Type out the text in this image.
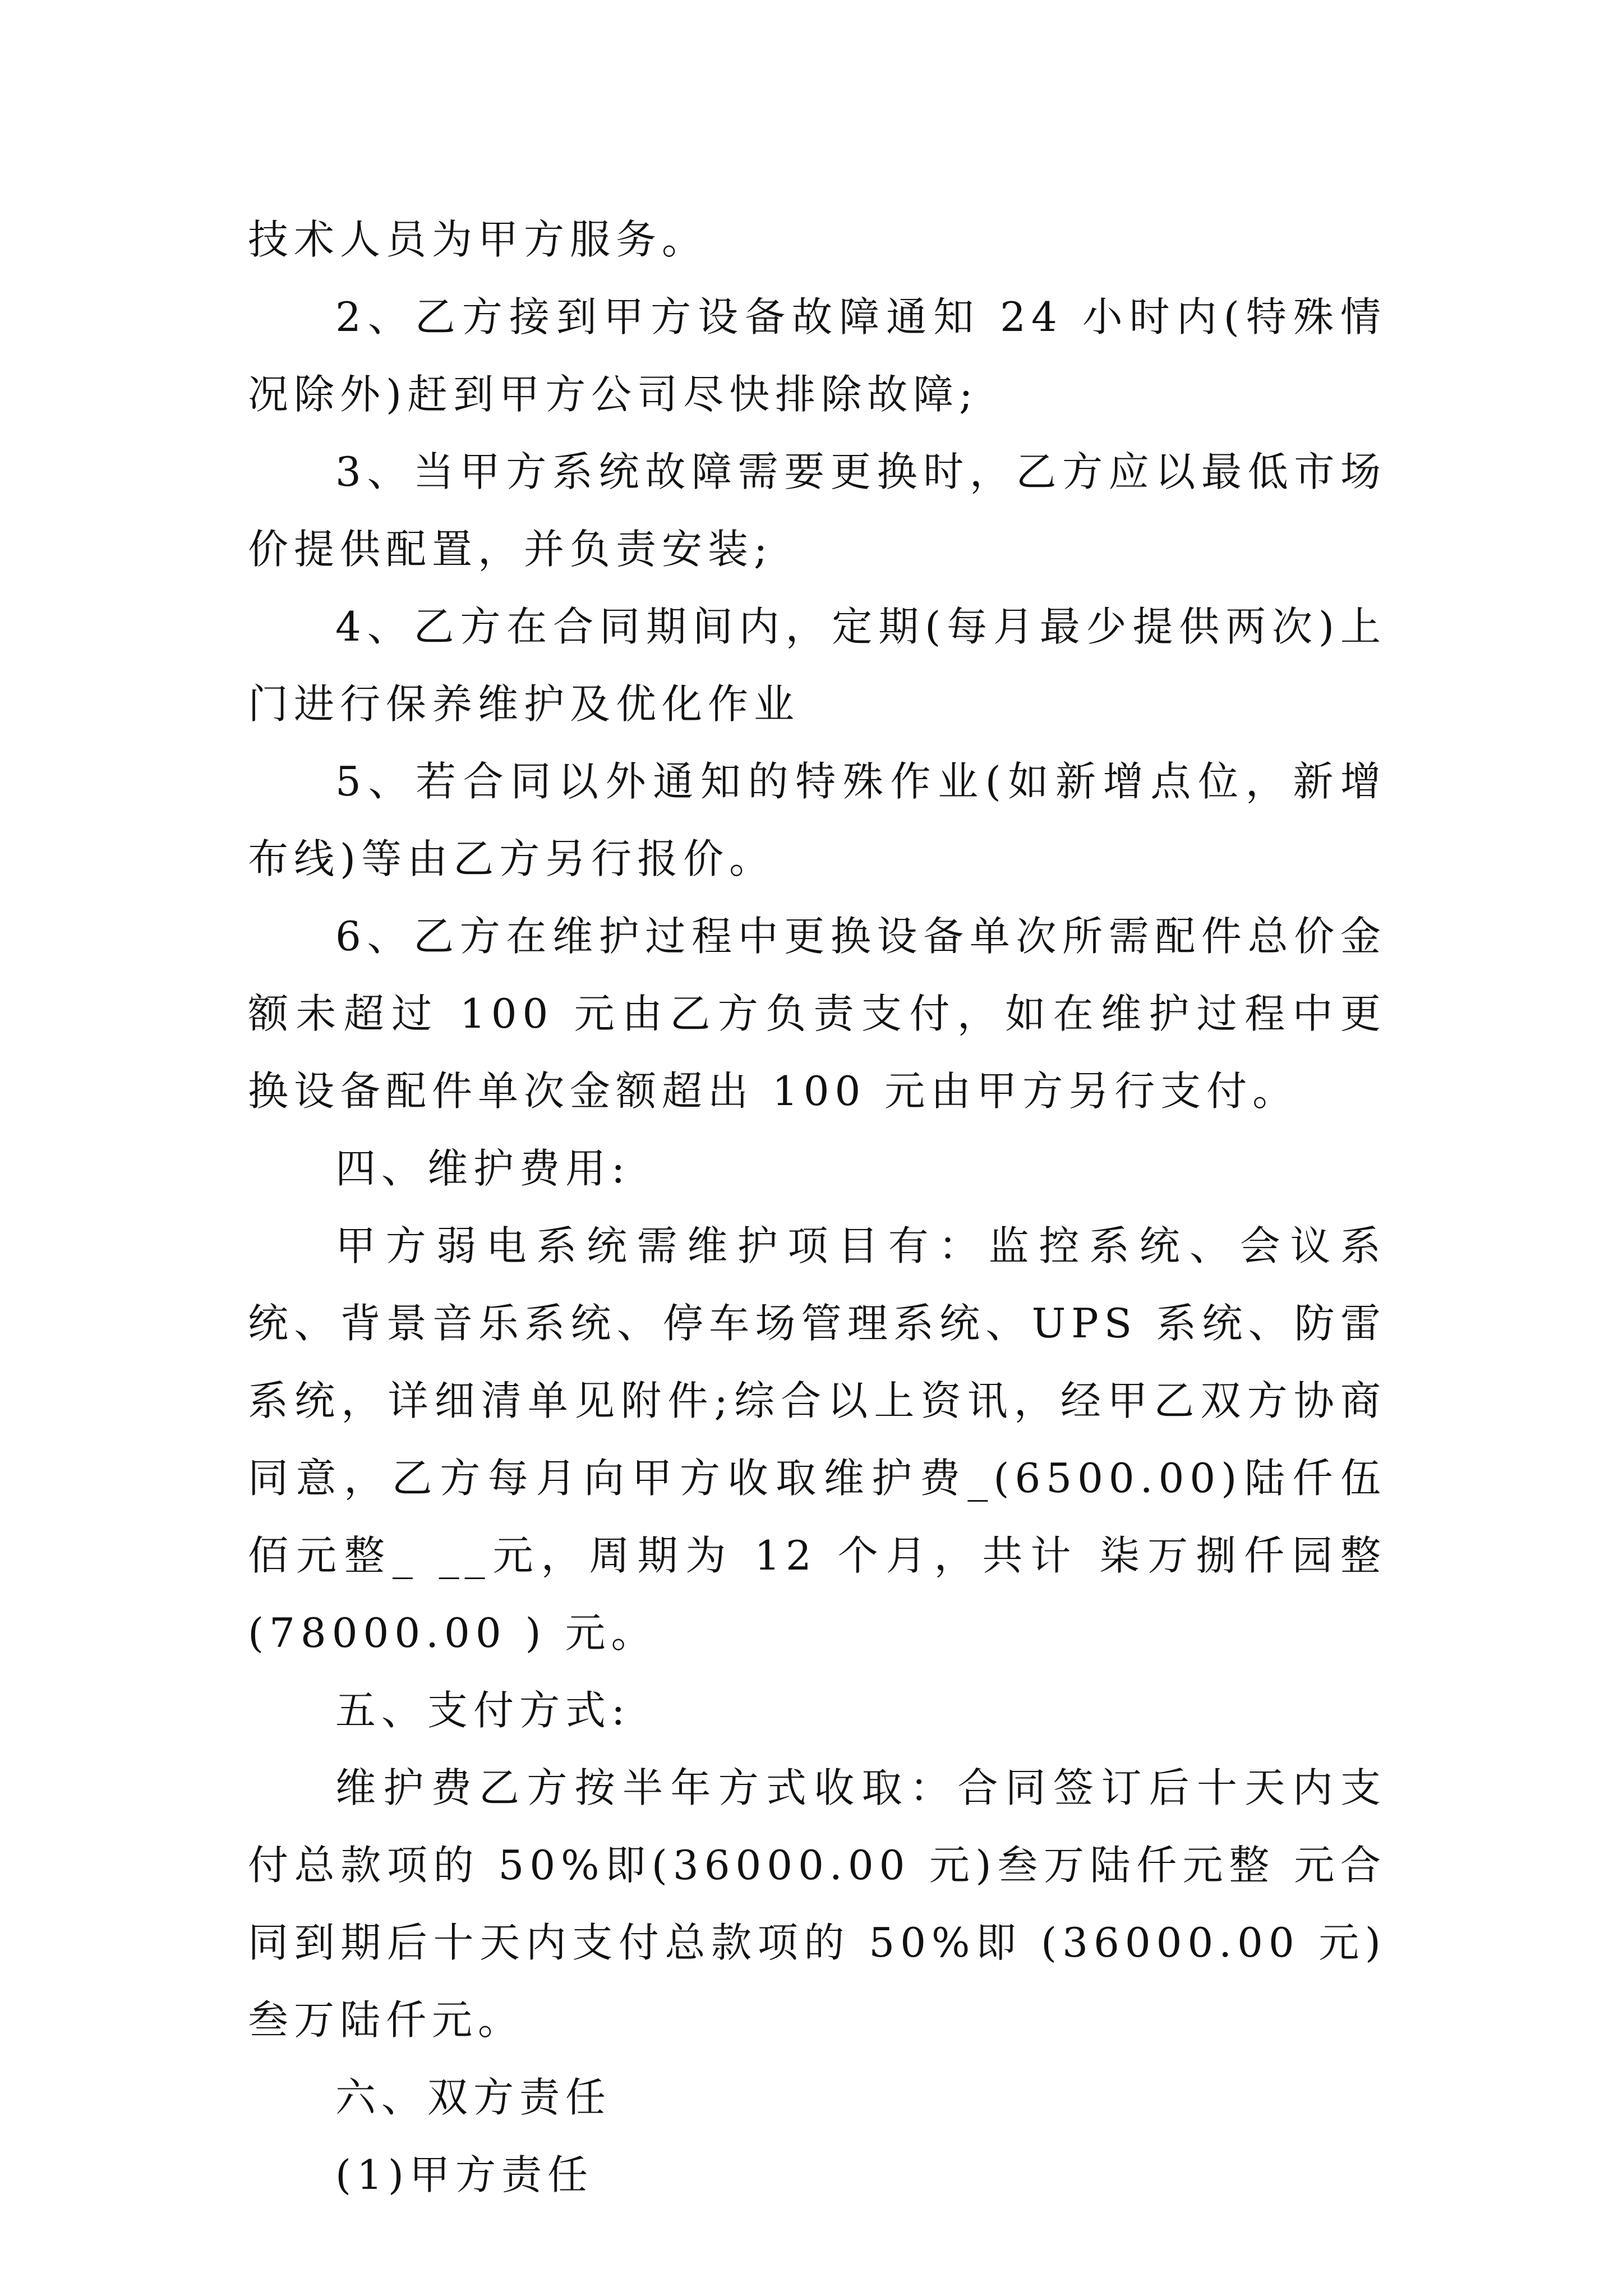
技术人员为甲方服务。

2、乙方接到甲方设备故障通知 24 小时内(特殊情况除外)赶到甲方公司尽快排除故障;

3、当甲方系统故障需要更换时，乙方应以最低市场价提供配置，并负责安装;

4、乙方在合同期间内，定期(每月最少提供两次)上门进行保养维护及优化作业

5、若合同以外通知的特殊作业(如新增点位，新增布线)等由乙方另行报价。

6、乙方在维护过程中更换设备单次所需配件总价金额未超过 100 元由乙方负责支付，如在维护过程中更换设备配件单次金额超出 100 元由甲方另行支付。

四、维护费用:

甲方弱电系统需维护项目有：监控系统、会议系统、背景音乐系统、停车场管理系统、UPS 系统、防雷系统，详细清单见附件;综合以上资讯，经甲乙双方协商同意，乙方每月向甲方收取维护费_(6500.00)陆仟伍佰元整_ __元，周期为 12 个月，共计 柒万捌仟园整(78000.00 ) 元。

五、支付方式:

维护费乙方按半年方式收取：合同签订后十天内支付总款项的 50%即(36000.00 元)叁万陆仟元整 元合同到期后十天内支付总款项的 50%即 (36000.00 元)叁万陆仟元。

六、双方责任

(1)甲方责任
